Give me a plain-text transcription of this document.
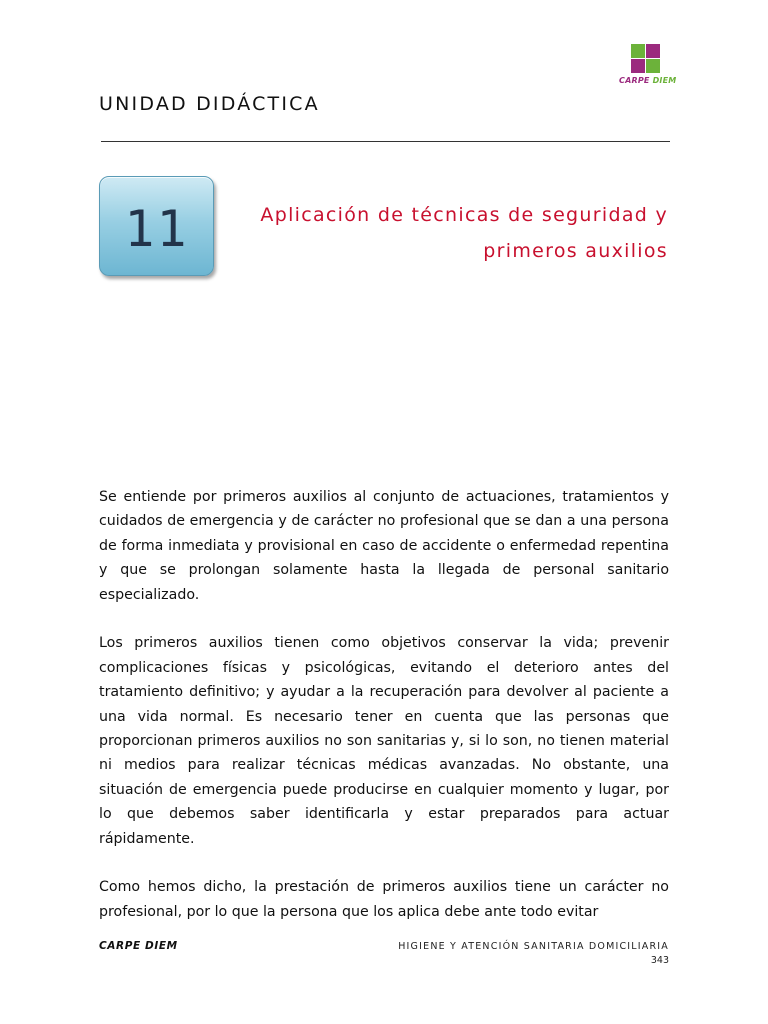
CARPE DIEM
UNIDAD DIDÁCTICA
11	Aplicación de técnicas de seguridad y
primeros auxilios

Se entiende por primeros auxilios al conjunto de actuaciones, tratamientos y cuidados de emergencia y de carácter no profesional que se dan a una persona de forma inmediata y provisional en caso de accidente o enfermedad repentina y que se prolongan solamente hasta la llegada de personal sanitario especializado.

Los primeros auxilios tienen como objetivos conservar la vida; prevenir complicaciones físicas y psicológicas, evitando el deterioro antes del tratamiento definitivo; y ayudar a la recuperación para devolver al paciente a una vida normal. Es necesario tener en cuenta que las personas que proporcionan primeros auxilios no son sanitarias y, si lo son, no tienen material ni medios para realizar técnicas médicas avanzadas. No obstante, una situación de emergencia puede producirse en cualquier momento y lugar, por lo que debemos saber identificarla y estar preparados para actuar rápidamente.

Como hemos dicho, la prestación de primeros auxilios tiene un carácter no profesional, por lo que la persona que los aplica debe ante todo evitar

CARPE DIEM	HIGIENE Y ATENCIÓN SANITARIA DOMICILIARIA
343
